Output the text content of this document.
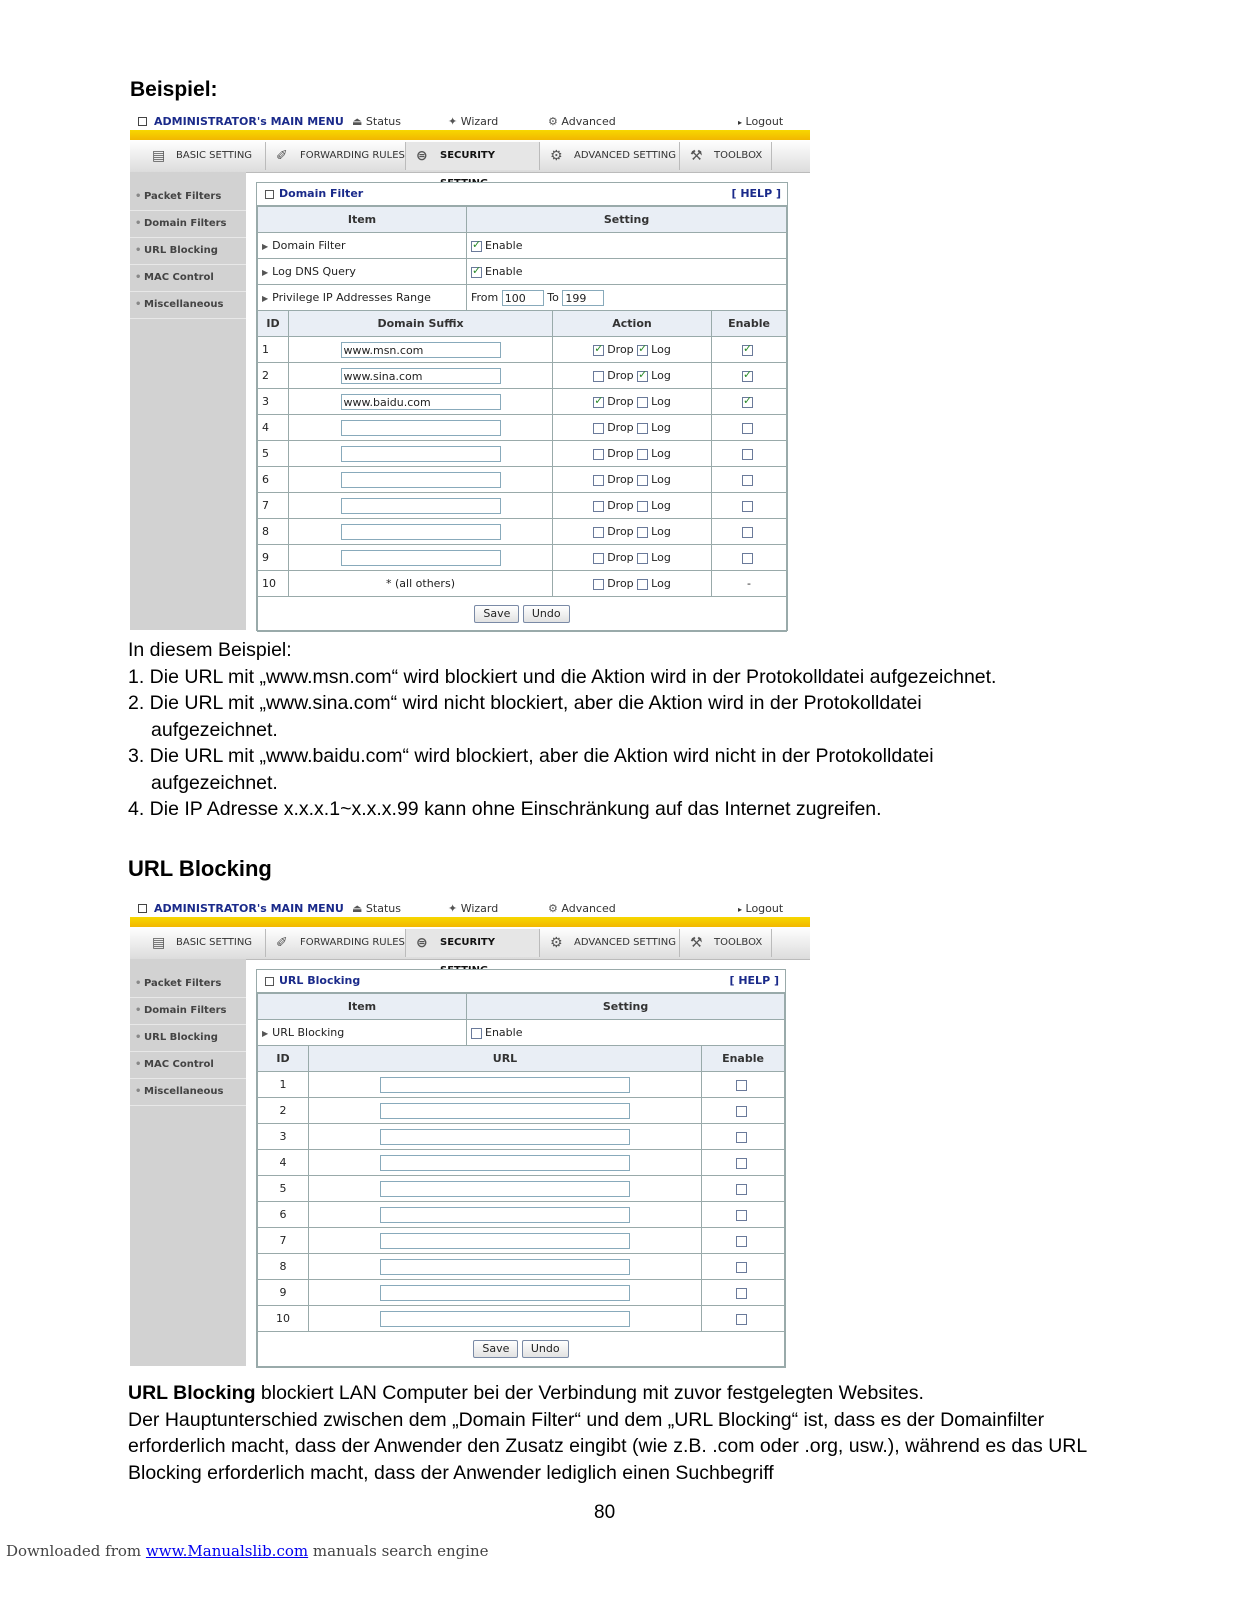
Beispiel:
ADMINISTRATOR's MAIN MENU ⏏ Status	✦ Wizard	⚙ Advanced	▸ Logout
▤	BASIC SETTING	✐	FORWARDING RULES ⊜	SECURITY	⚙	ADVANCED SETTING ⚒	TOOLBOX
• Packet Filters
• Domain Filters
• URL Blocking
• MAC Control
• Miscellaneous
Domain Filter	[ HELP ]
Item	Setting
▶ Domain Filter	✓Enable
▶ Log DNS Query	✓Enable
▶ Privilege IP Addresses Range	From 100 To 199
ID	Domain Suffix	Action	Enable
1	www.msn.com	✓Drop ✓ Log	✓
2	www.sina.com	Drop ✓ Log	✓
3	www.baidu.com	✓Drop Log	✓
4		Drop Log	
5		Drop Log	
6		Drop Log	
7		Drop Log	
8		Drop Log	
9		Drop Log	
10	* (all others)	Drop Log	-
Save Undo			

In diesem Beispiel:

1. Die URL mit „www.msn.com“ wird blockiert und die Aktion wird in der Protokolldatei aufgezeichnet.
2. Die URL mit „www.sina.com“ wird nicht blockiert, aber die Aktion wird in der Protokolldatei aufgezeichnet.
3. Die URL mit „www.baidu.com“ wird blockiert, aber die Aktion wird nicht in der Protokolldatei aufgezeichnet.
4. Die IP Adresse x.x.x.1~x.x.x.99 kann ohne Einschränkung auf das Internet zugreifen.
URL Blocking
ADMINISTRATOR's MAIN MENU ⏏ Status	✦ Wizard	⚙ Advanced	▸ Logout
▤	BASIC SETTING	✐	FORWARDING RULES ⊜	SECURITY	⚙	ADVANCED SETTING ⚒	TOOLBOX
• Packet Filters
• Domain Filters
• URL Blocking
• MAC Control
• Miscellaneous
URL Blocking	[ HELP ]
Item	Setting
▶ URL Blocking	Enable
ID	URL	Enable
1		
2		
3		
4		
5		
6		
7		
8		
9		
10		
Save Undo		

URL Blocking blockiert LAN Computer bei der Verbindung mit zuvor festgelegten Websites.

Der Hauptunterschied zwischen dem „Domain Filter“ und dem „URL Blocking“ ist, dass es der Domainfilter erforderlich macht, dass der Anwender den Zusatz eingibt (wie z.B. .com oder .org, usw.), während es das URL Blocking erforderlich macht, dass der Anwender lediglich einen Suchbegriff

80
Downloaded from www.Manualslib.com manuals search engine
